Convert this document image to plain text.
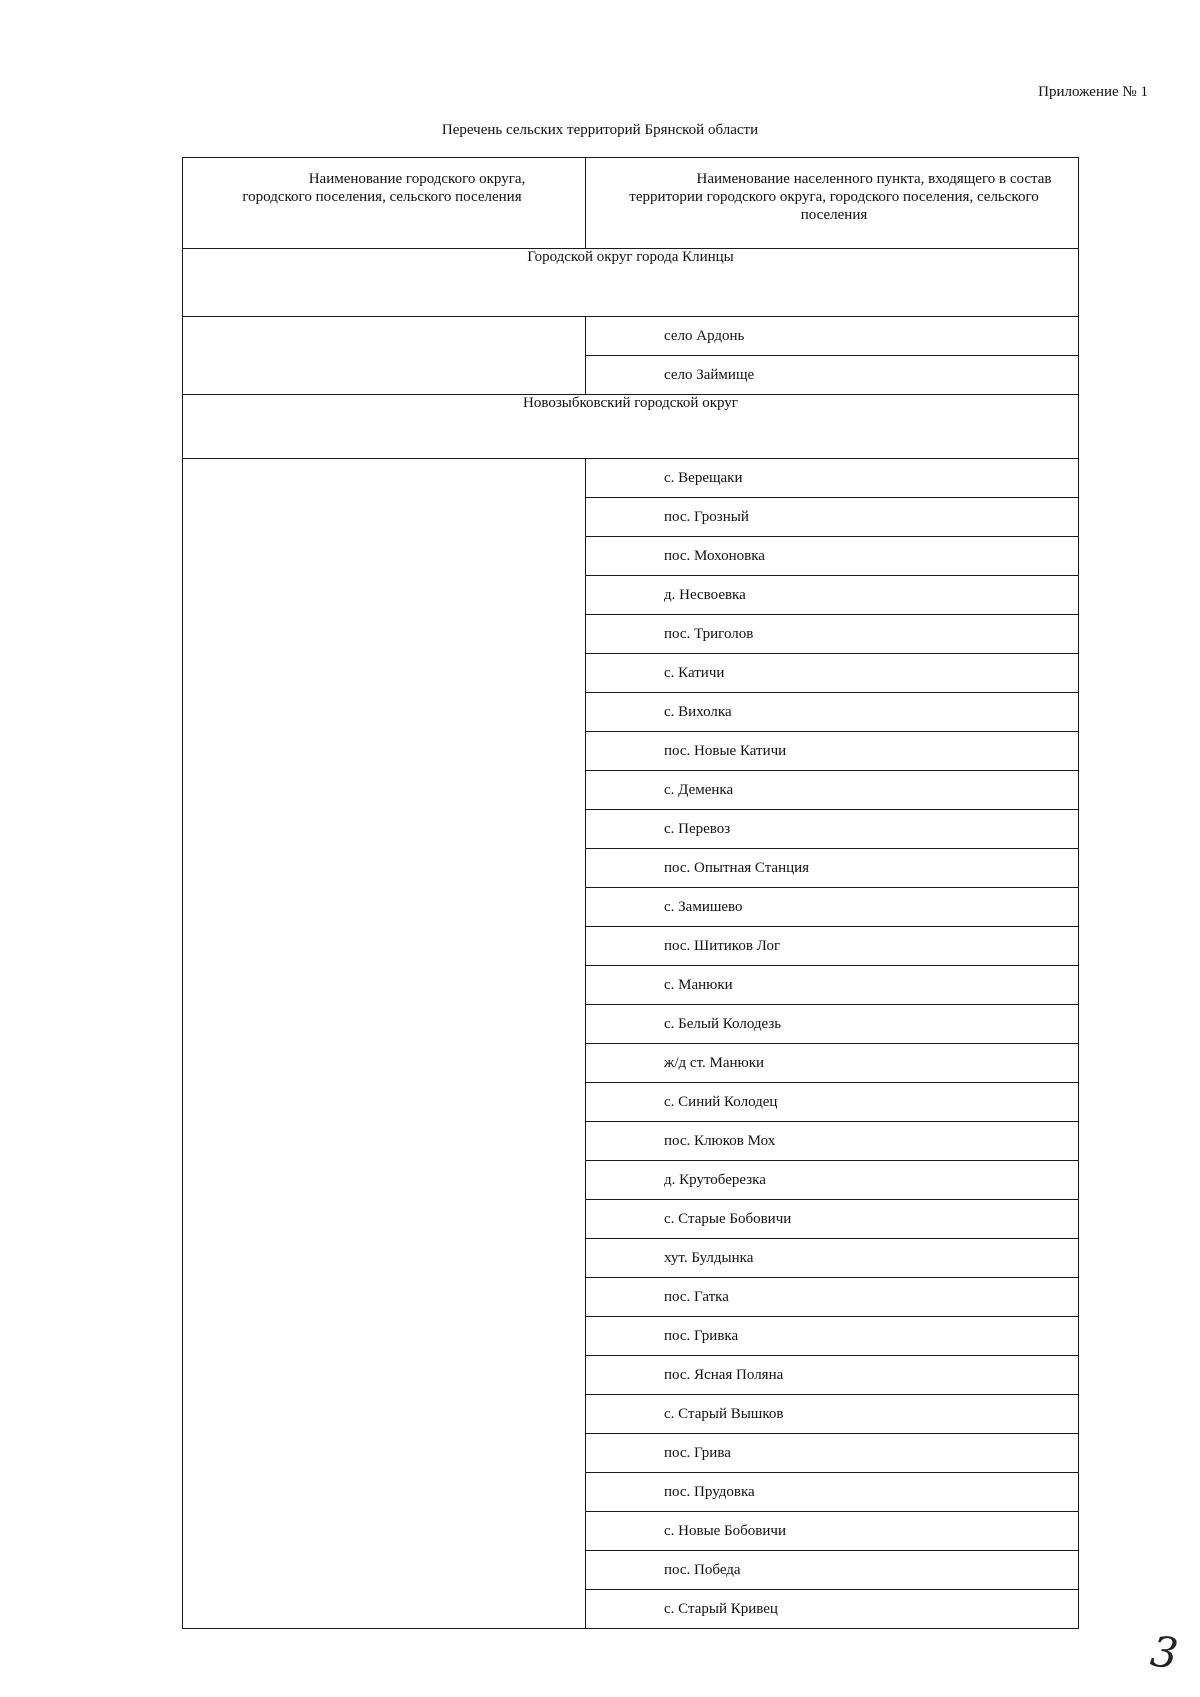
Приложение № 1
Перечень сельских территорий Брянской области
Наименование городского округа,
городского поселения, сельского поселения	Наименование населенного пункта, входящего в состав
территории городского округа, городского поселения, сельского
поселения

Городской округ города Клинцы	
	село Ардонь
	село Займище
Новозыбковский городской округ	
	с. Верещаки
	пос. Грозный
	пос. Мохоновка
	д. Несвоевка
	пос. Триголов
	с. Катичи
	с. Вихолка
	пос. Новые Катичи
	с. Деменка
	с. Перевоз
	пос. Опытная Станция
	с. Замишево
	пос. Шитиков Лог
	с. Манюки
	с. Белый Колодезь
	ж/д ст. Манюки
	с. Синий Колодец
	пос. Клюков Мох
	д. Крутоберезка
	с. Старые Бобовичи
	хут. Булдынка
	пос. Гатка
	пос. Гривка
	пос. Ясная Поляна
	с. Старый Вышков
	пос. Грива
	пос. Прудовка
	с. Новые Бобовичи
	пос. Победа
	с. Старый Кривец
3
